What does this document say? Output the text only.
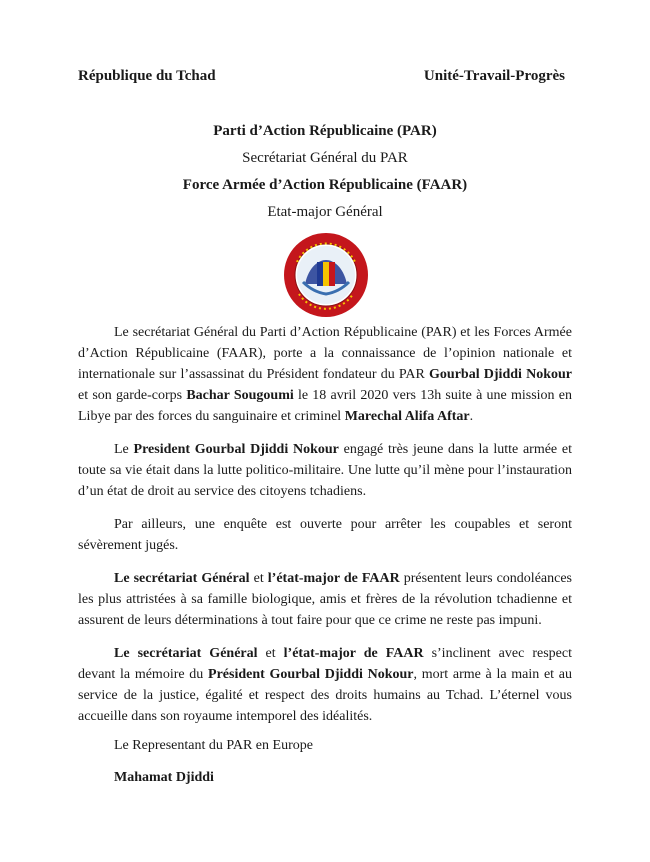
République du Tchad	Unité-Travail-Progrès
Parti d’Action Républicaine (PAR)
Secrétariat Général du PAR
Force Armée d’Action Républicaine (FAAR)
Etat-major Général

Le secrétariat Général du Parti d’Action Républicaine (PAR) et les Forces Armée d’Action Républicaine (FAAR), porte a la connaissance de l’opinion nationale et internationale sur l’assassinat du Président fondateur du PAR Gourbal Djiddi Nokour et son garde-corps Bachar Sougoumi le 18 avril 2020 vers 13h suite à une mission en Libye par des forces du sanguinaire et criminel Marechal Alifa Aftar.

Le President Gourbal Djiddi Nokour engagé très jeune dans la lutte armée et toute sa vie était dans la lutte politico-militaire. Une lutte qu’il mène pour l’instauration d’un état de droit au service des citoyens tchadiens.

Par ailleurs, une enquête est ouverte pour arrêter les coupables et seront sévèrement jugés.

Le secrétariat Général et l’état-major de FAAR présentent leurs condoléances les plus attristées à sa famille biologique, amis et frères de la révolution tchadienne et assurent de leurs déterminations à tout faire pour que ce crime ne reste pas impuni.

Le secrétariat Général et l’état-major de FAAR s’inclinent avec respect devant la mémoire du Président Gourbal Djiddi Nokour, mort arme à la main et au service de la justice, égalité et respect des droits humains au Tchad. L’éternel vous accueille dans son royaume intemporel des idéalités.

Le Representant du PAR en Europe
Mahamat Djiddi
